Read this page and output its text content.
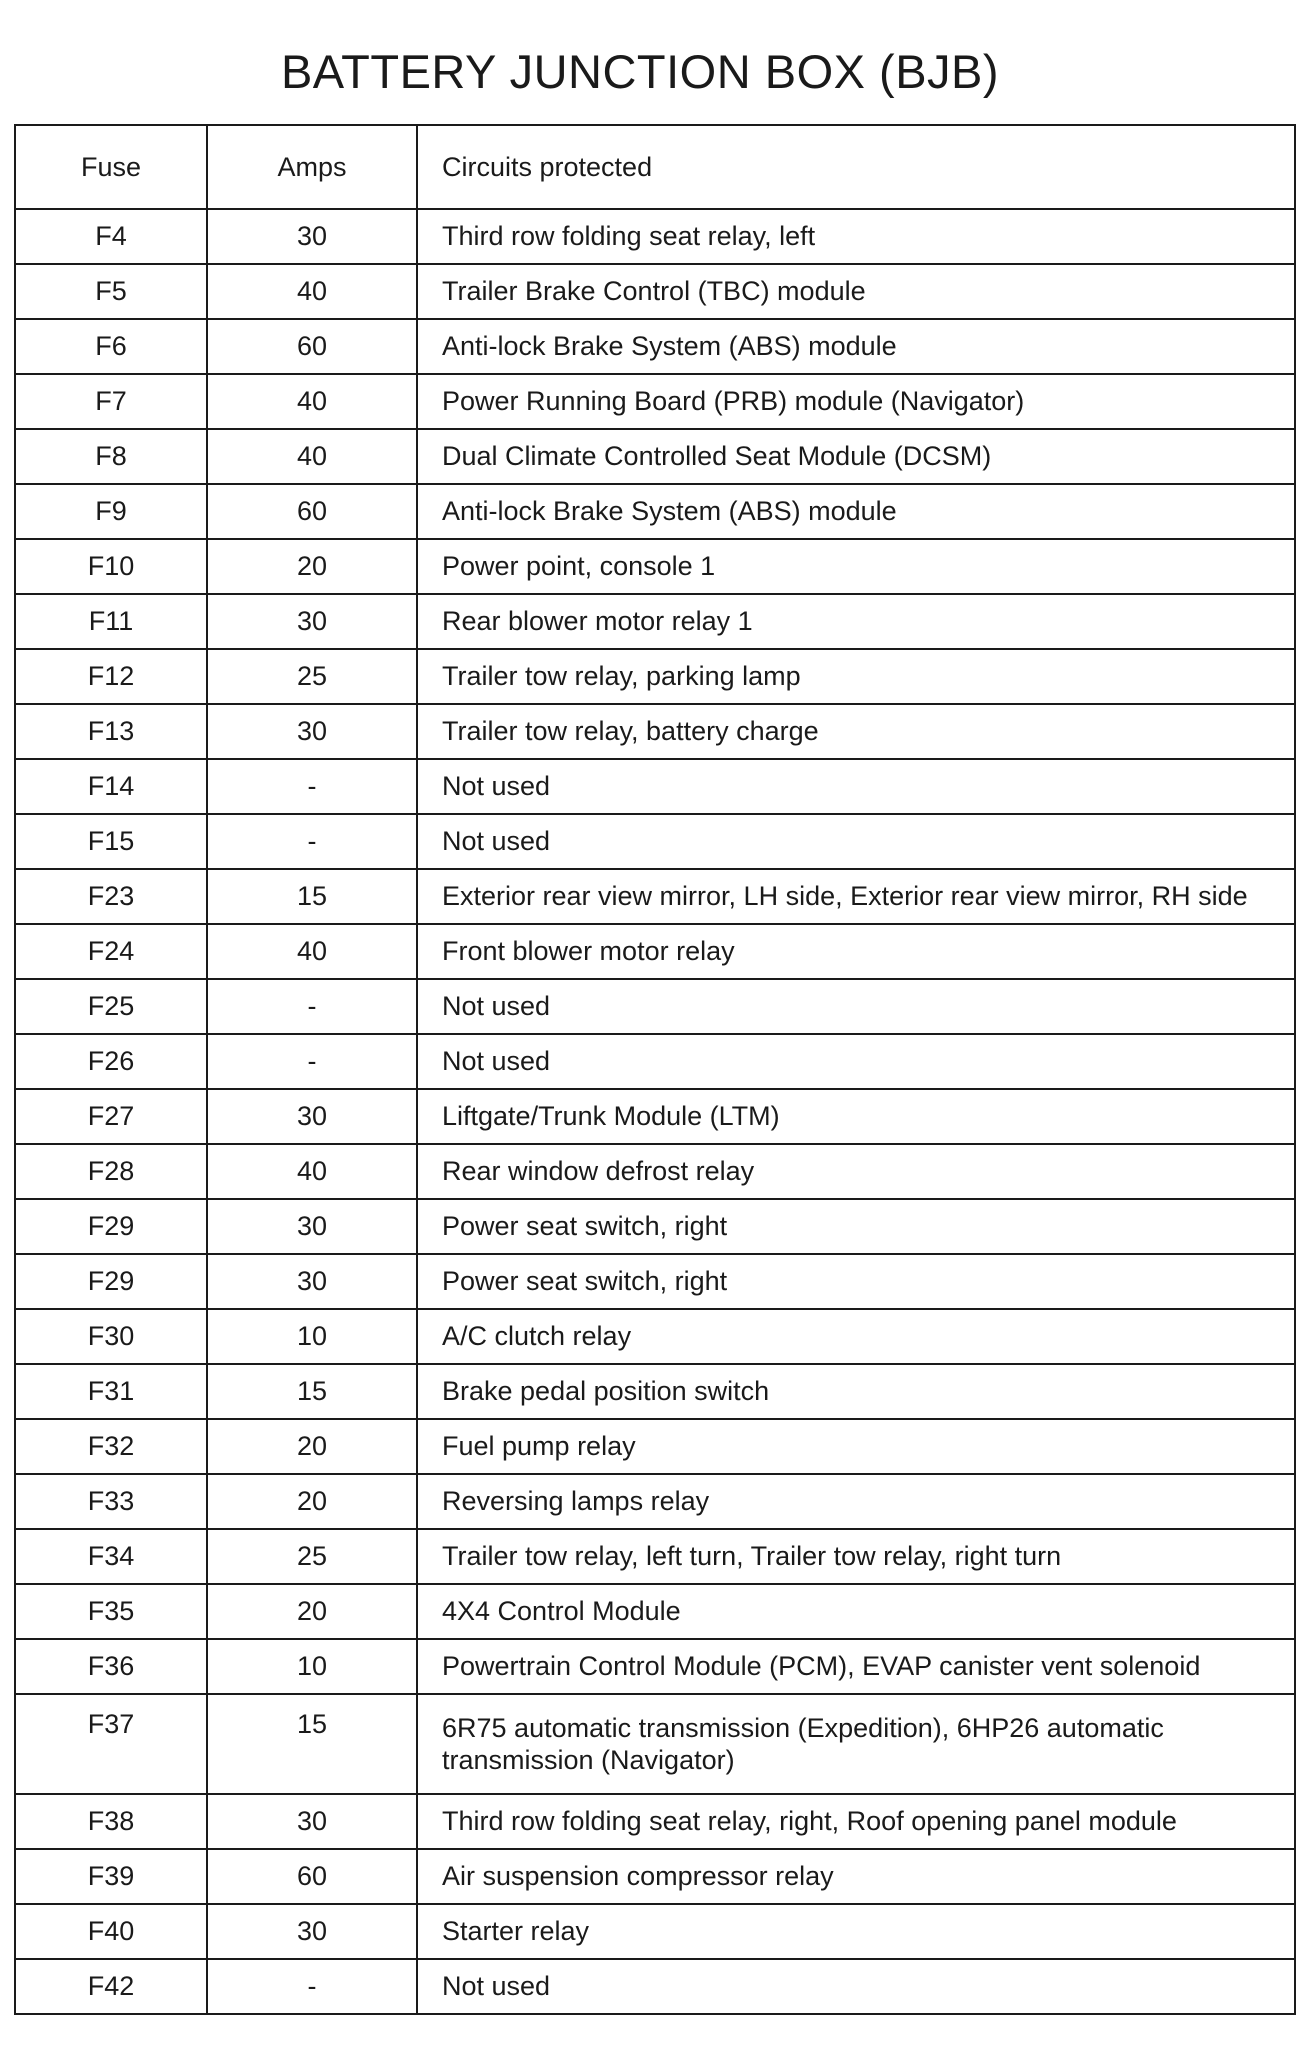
BATTERY JUNCTION BOX (BJB)
Fuse	Amps	Circuits protected
F4	30	Third row folding seat relay, left
F5	40	Trailer Brake Control (TBC) module
F6	60	Anti-lock Brake System (ABS) module
F7	40	Power Running Board (PRB) module (Navigator)
F8	40	Dual Climate Controlled Seat Module (DCSM)
F9	60	Anti-lock Brake System (ABS) module
F10	20	Power point, console 1
F11	30	Rear blower motor relay 1
F12	25	Trailer tow relay, parking lamp
F13	30	Trailer tow relay, battery charge
F14	-	Not used
F15	-	Not used
F23	15	Exterior rear view mirror, LH side, Exterior rear view mirror, RH side
F24	40	Front blower motor relay
F25	-	Not used
F26	-	Not used
F27	30	Liftgate/Trunk Module (LTM)
F28	40	Rear window defrost relay
F29	30	Power seat switch, right
F29	30	Power seat switch, right
F30	10	A/C clutch relay
F31	15	Brake pedal position switch
F32	20	Fuel pump relay
F33	20	Reversing lamps relay
F34	25	Trailer tow relay, left turn, Trailer tow relay, right turn
F35	20	4X4 Control Module
F36	10	Powertrain Control Module (PCM), EVAP canister vent solenoid
F37	15	6R75 automatic transmission (Expedition), 6HP26 automatic transmission (Navigator)
F38	30	Third row folding seat relay, right, Roof opening panel module
F39	60	Air suspension compressor relay
F40	30	Starter relay
F42	-	Not used
